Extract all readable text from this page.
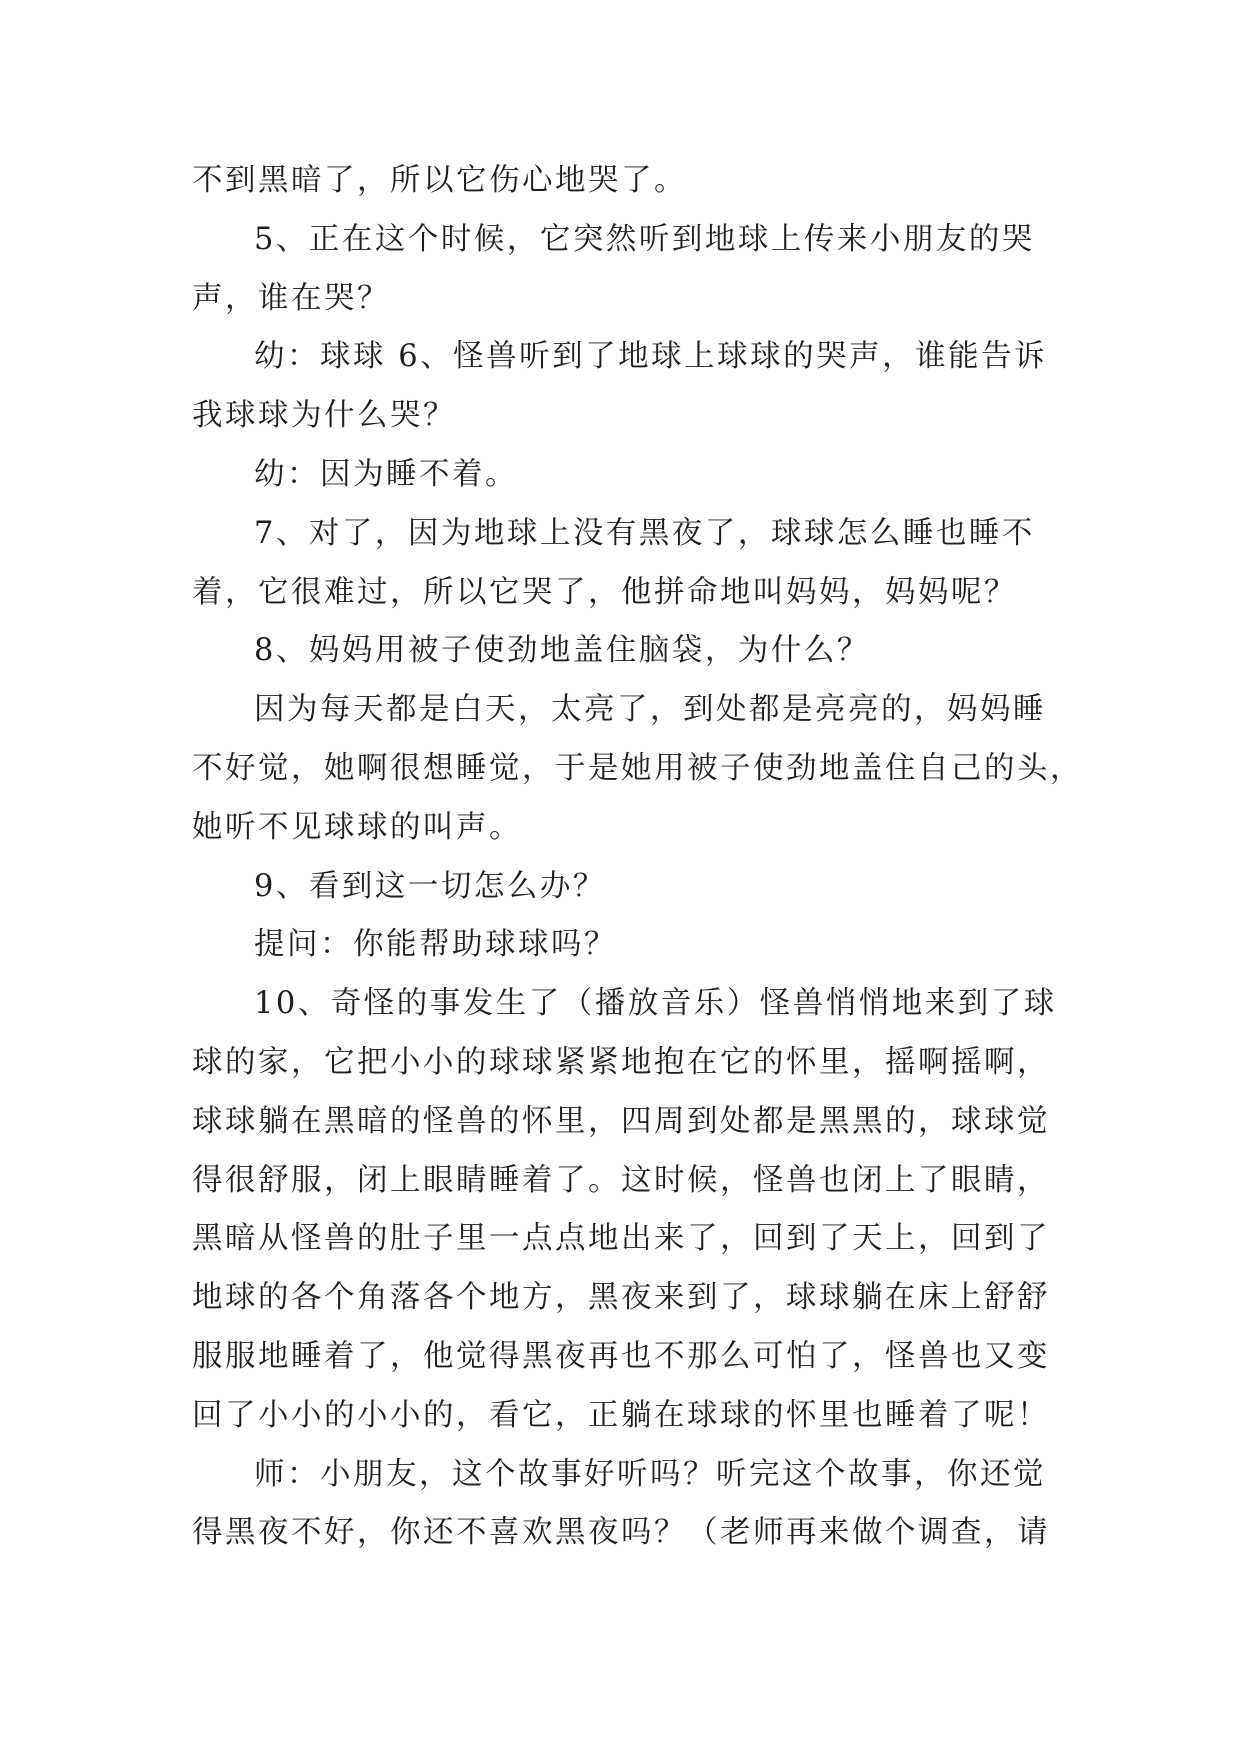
不到黑暗了，所以它伤心地哭了。

5、正在这个时候，它突然听到地球上传来小朋友的哭
声，谁在哭？

幼：球球 6、怪兽听到了地球上球球的哭声，谁能告诉
我球球为什么哭？

幼：因为睡不着。

7、对了，因为地球上没有黑夜了，球球怎么睡也睡不
着，它很难过，所以它哭了，他拼命地叫妈妈，妈妈呢？

8、妈妈用被子使劲地盖住脑袋，为什么？

因为每天都是白天，太亮了，到处都是亮亮的，妈妈睡
不好觉，她啊很想睡觉，于是她用被子使劲地盖住自己的头，
她听不见球球的叫声。

9、看到这一切怎么办？

提问：你能帮助球球吗？

10、奇怪的事发生了（播放音乐）怪兽悄悄地来到了球
球的家，它把小小的球球紧紧地抱在它的怀里，摇啊摇啊，
球球躺在黑暗的怪兽的怀里，四周到处都是黑黑的，球球觉
得很舒服，闭上眼睛睡着了。这时候，怪兽也闭上了眼睛，
黑暗从怪兽的肚子里一点点地出来了，回到了天上，回到了
地球的各个角落各个地方，黑夜来到了，球球躺在床上舒舒
服服地睡着了，他觉得黑夜再也不那么可怕了，怪兽也又变
回了小小的小小的，看它，正躺在球球的怀里也睡着了呢！

师：小朋友，这个故事好听吗？听完这个故事，你还觉
得黑夜不好，你还不喜欢黑夜吗？（老师再来做个调查，请
